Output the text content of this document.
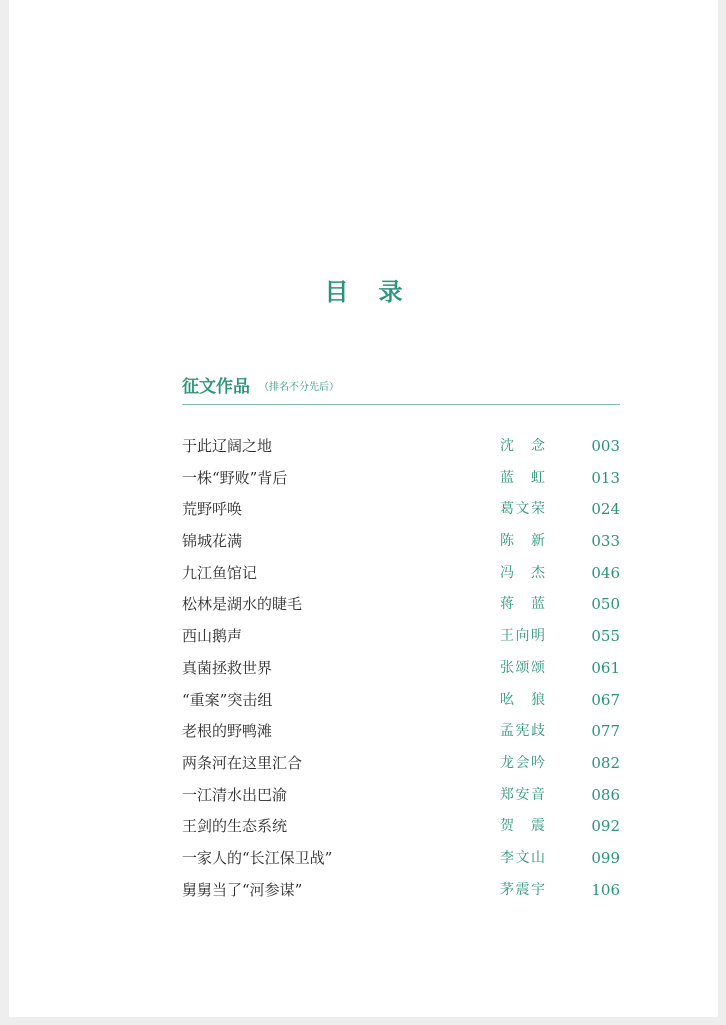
目 录
征文作品 （排名不分先后）
于此辽阔之地	沈念	003
一株“野败”背后	蓝虹	013
荒野呼唤	葛文荣	024
锦城花满	陈新	033
九江鱼馆记	冯杰	046
松林是湖水的睫毛	蒋蓝	050
西山鹅声	王向明	055
真菌拯救世界	张颂颂	061
“重案”突击组	吆狼	067
老根的野鸭滩	孟宪歧	077
两条河在这里汇合	龙会吟	082
一江清水出巴渝	郑安音	086
王剑的生态系统	贺震	092
一家人的“长江保卫战”	李文山	099
舅舅当了“河参谋”	茅震宇	106
